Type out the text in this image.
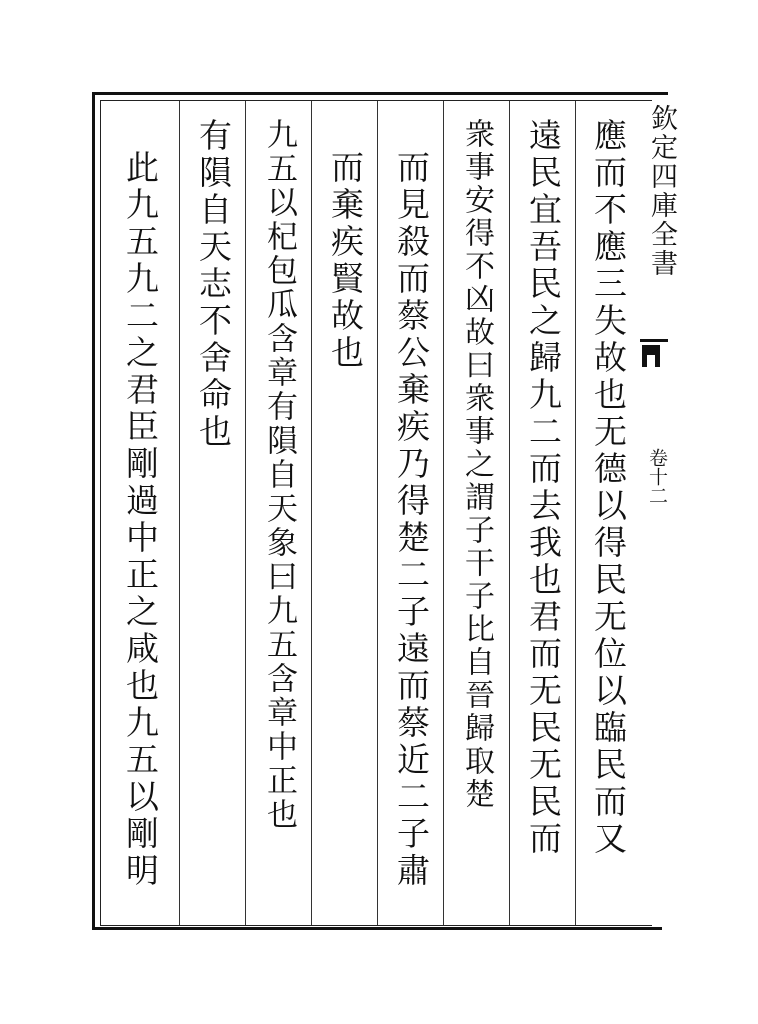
欽定四庫全書
卷十二
應而不應三失故也无德以得民无位以臨民而又
遠民宜吾民之歸九二而去我也君而无民无民而
衆事安得不凶故曰衆事之謂子干子比自晉歸取楚
而見殺而蔡公棄疾乃得楚二子遠而蔡近二子肅
而棄疾賢故也
九五以杞包瓜含章有隕自天象曰九五含章中正也
有隕自天志不舍命也
此九五九二之君臣剛過中正之咸也九五以剛明
